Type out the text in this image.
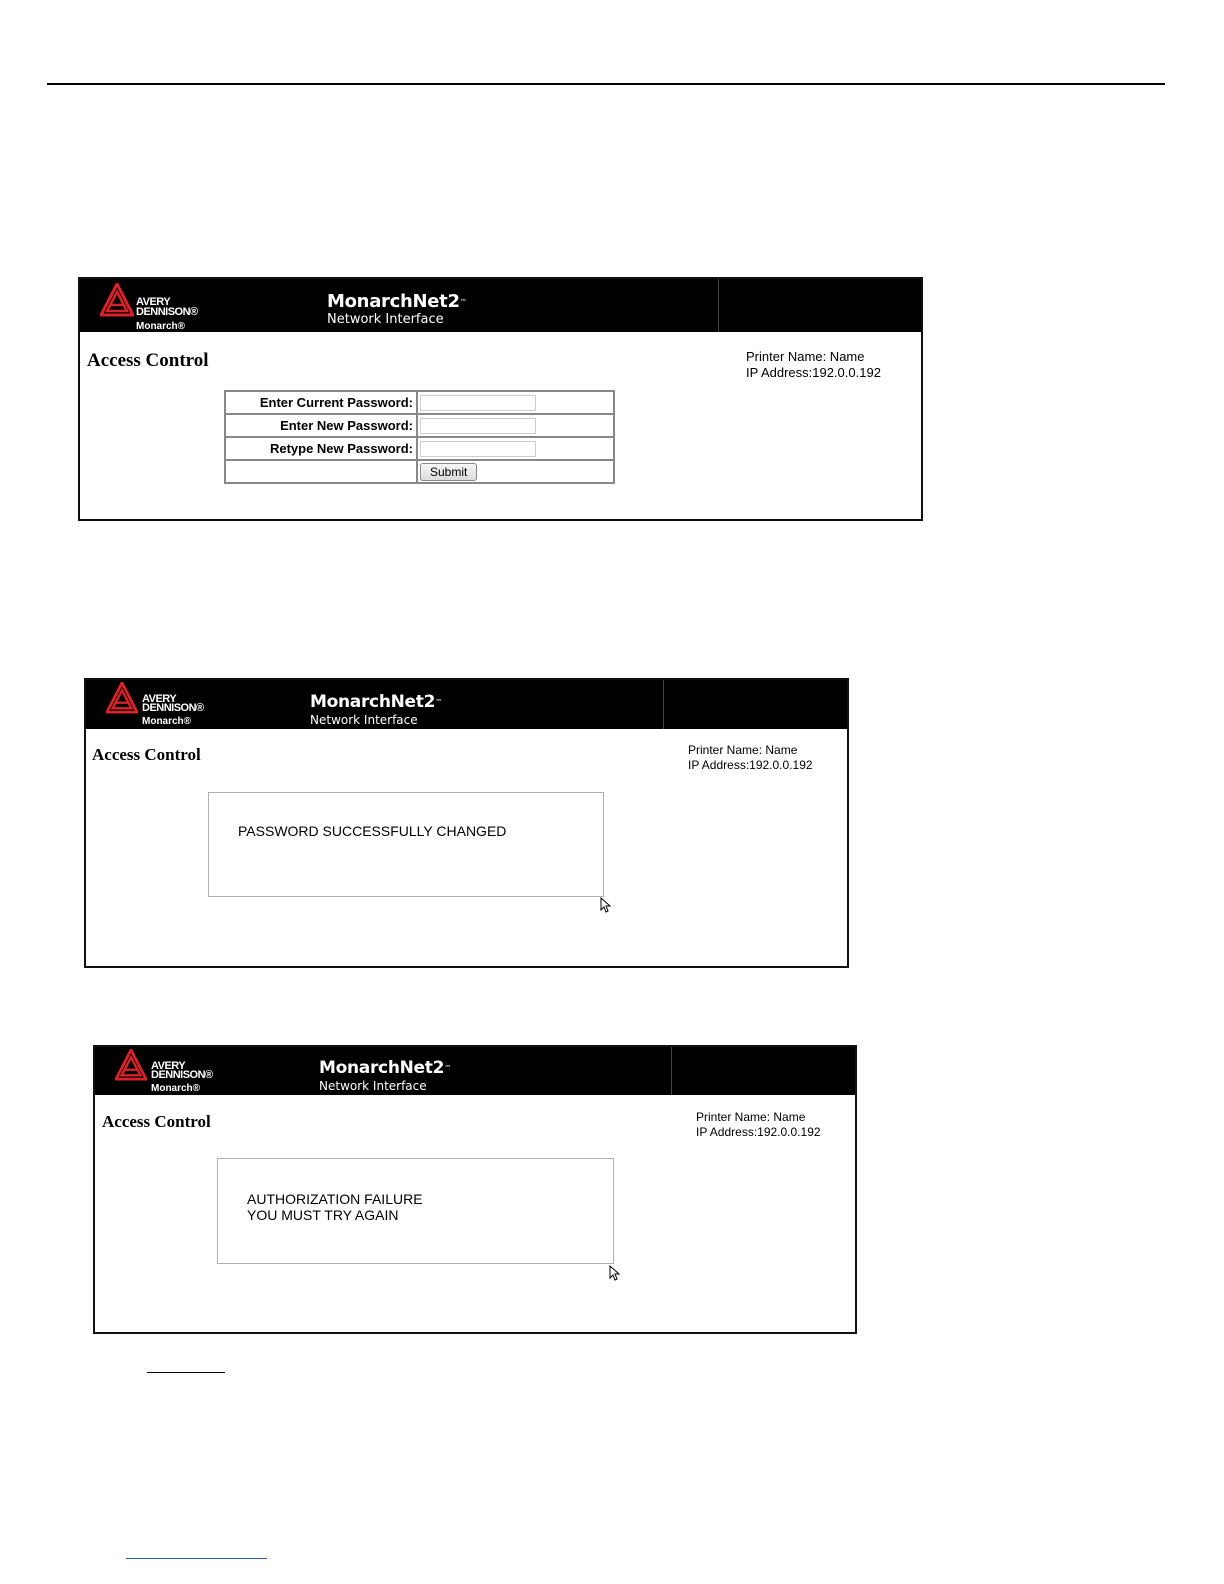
AVERY
DENNISON®
Monarch®
MonarchNet2™
Network Interface
Access Control	Printer Name: Name
IP Address:192.0.0.192
Enter Current Password:	

Enter New Password:	

Retype New Password:	

	Submit
AVERY
DENNISON®
Monarch®
MonarchNet2™
Network Interface
Access Control	Printer Name: Name
IP Address:192.0.0.192
PASSWORD SUCCESSFULLY CHANGED
AVERY
DENNISON®
Monarch®
MonarchNet2™
Network Interface
Access Control	Printer Name: Name
IP Address:192.0.0.192
AUTHORIZATION FAILURE
YOU MUST TRY AGAIN
